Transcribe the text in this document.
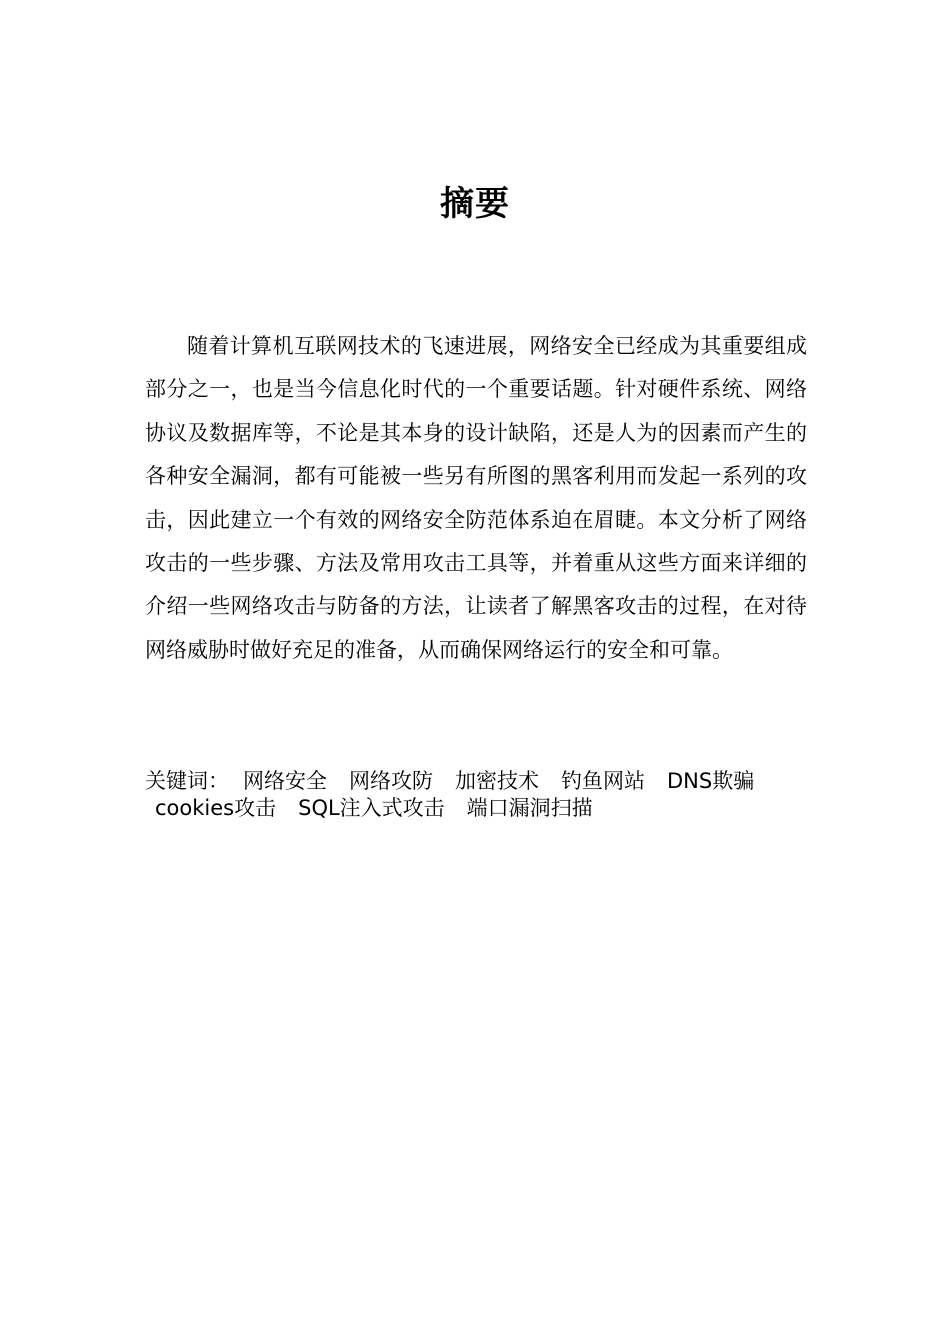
摘要

随着计算机互联网技术的飞速进展，网络安全已经成为其重要组成部分之一，也是当今信息化时代的一个重要话题。针对硬件系统、网络协议及数据库等，不论是其本身的设计缺陷，还是人为的因素而产生的各种安全漏洞，都有可能被一些另有所图的黑客利用而发起一系列的攻击，因此建立一个有效的网络安全防范体系迫在眉睫。本文分析了网络攻击的一些步骤、方法及常用攻击工具等，并着重从这些方面来详细的介绍一些网络攻击与防备的方法，让读者了解黑客攻击的过程，在对待网络威胁时做好充足的准备，从而确保网络运行的安全和可靠。

关键词： 网络安全 网络攻防 加密技术 钓鱼网站 DNS欺骗
cookies攻击 SQL注入式攻击 端口漏洞扫描
